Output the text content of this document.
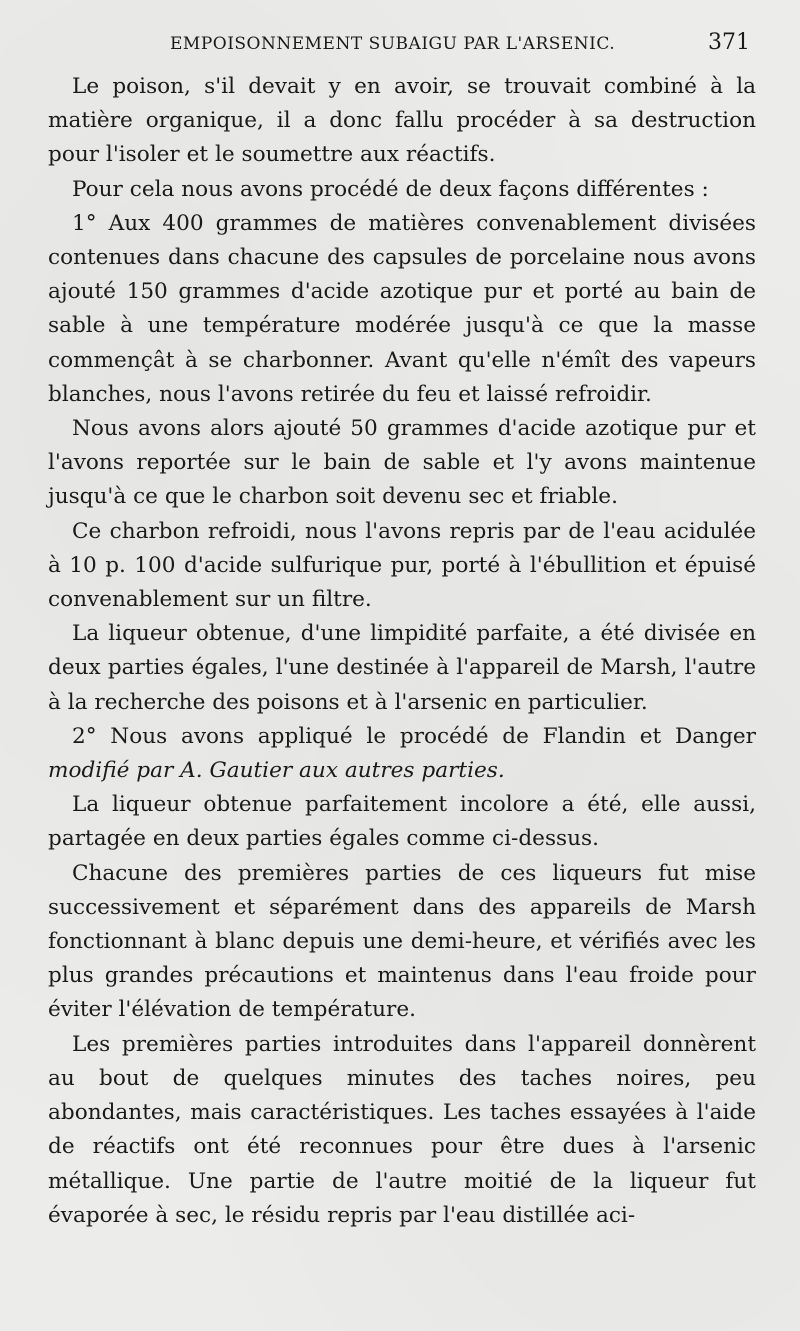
EMPOISONNEMENT SUBAIGU PAR L'ARSENIC.	371

Le poison, s'il devait y en avoir, se trouvait combiné à la matière organique, il a donc fallu procéder à sa destruction pour l'isoler et le soumettre aux réactifs.

Pour cela nous avons procédé de deux façons différentes :

1° Aux 400 grammes de matières convenablement divisées contenues dans chacune des capsules de porcelaine nous avons ajouté 150 grammes d'acide azotique pur et porté au bain de sable à une température modérée jusqu'à ce que la masse commençât à se charbonner. Avant qu'elle n'émît des vapeurs blanches, nous l'avons retirée du feu et laissé refroidir.

Nous avons alors ajouté 50 grammes d'acide azotique pur et l'avons reportée sur le bain de sable et l'y avons maintenue jusqu'à ce que le charbon soit devenu sec et friable.

Ce charbon refroidi, nous l'avons repris par de l'eau acidulée à 10 p. 100 d'acide sulfurique pur, porté à l'ébullition et épuisé convenablement sur un filtre.

La liqueur obtenue, d'une limpidité parfaite, a été divisée en deux parties égales, l'une destinée à l'appareil de Marsh, l'autre à la recherche des poisons et à l'arsenic en particulier.

2° Nous avons appliqué le procédé de Flandin et Danger modifié par A. Gautier aux autres parties.

La liqueur obtenue parfaitement incolore a été, elle aussi, partagée en deux parties égales comme ci-dessus.

Chacune des premières parties de ces liqueurs fut mise successivement et séparément dans des appareils de Marsh fonctionnant à blanc depuis une demi-heure, et vérifiés avec les plus grandes précautions et maintenus dans l'eau froide pour éviter l'élévation de température.

Les premières parties introduites dans l'appareil donnèrent au bout de quelques minutes des taches noires, peu abondantes, mais caractéristiques. Les taches essayées à l'aide de réactifs ont été reconnues pour être dues à l'arsenic métallique. Une partie de l'autre moitié de la liqueur fut évaporée à sec, le résidu repris par l'eau distillée aci-
